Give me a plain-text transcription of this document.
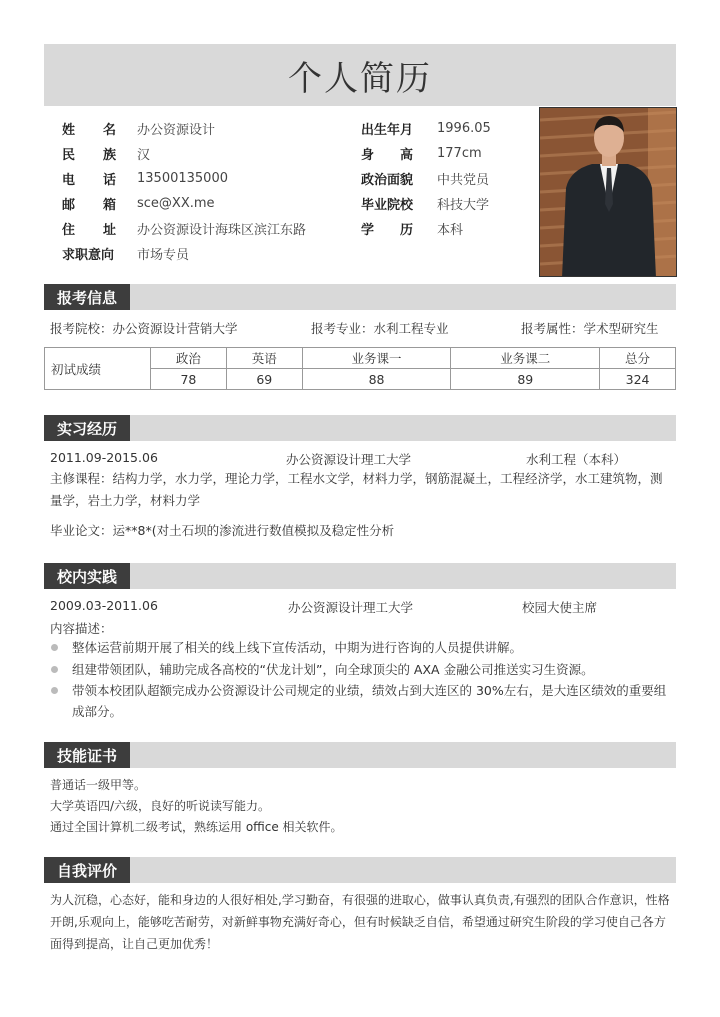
个人简历
姓名 办公资源设计
民族 汉
电话 13500135000
邮箱 sce@XX.me
住址 办公资源设计海珠区滨江东路
求职意向	市场专员
出生年月 1996.05
身高 177cm
政治面貌 中共党员
毕业院校 科技大学
学历 本科
报考信息
报考院校：办公资源设计营销大学	报考专业：水利工程专业	报考属性：学术型研究生
初试成绩	政治	英语	业务课一	业务课二	总分
	78	69	88	89	324
实习经历
2011.09-2015.06	办公资源设计理工大学	水利工程（本科）
主修课程：结构力学，水力学，理论力学，工程水文学，材料力学，钢筋混凝土，工程经济学，水工建筑物，测量学，岩土力学，材料力学
毕业论文：运**8*(对土石坝的渗流进行数值模拟及稳定性分析
校内实践
2009.03-2011.06	办公资源设计理工大学	校园大使主席
内容描述：
整体运营前期开展了相关的线上线下宣传活动，中期为进行咨询的人员提供讲解。
组建带领团队，辅助完成各高校的“伏龙计划”，向全球顶尖的 AXA 金融公司推送实习生资源。
带领本校团队超额完成办公资源设计公司规定的业绩，绩效占到大连区的 30%左右，是大连区绩效的重要组成部分。
技能证书
普通话一级甲等。
大学英语四/六级，良好的听说读写能力。
通过全国计算机二级考试，熟练运用 office 相关软件。
自我评价
为人沉稳，心态好，能和身边的人很好相处,学习勤奋，有很强的进取心，做事认真负责,有强烈的团队合作意识，性格开朗,乐观向上，能够吃苦耐劳，对新鲜事物充满好奇心，但有时候缺乏自信，希望通过研究生阶段的学习使自己各方面得到提高，让自己更加优秀！
